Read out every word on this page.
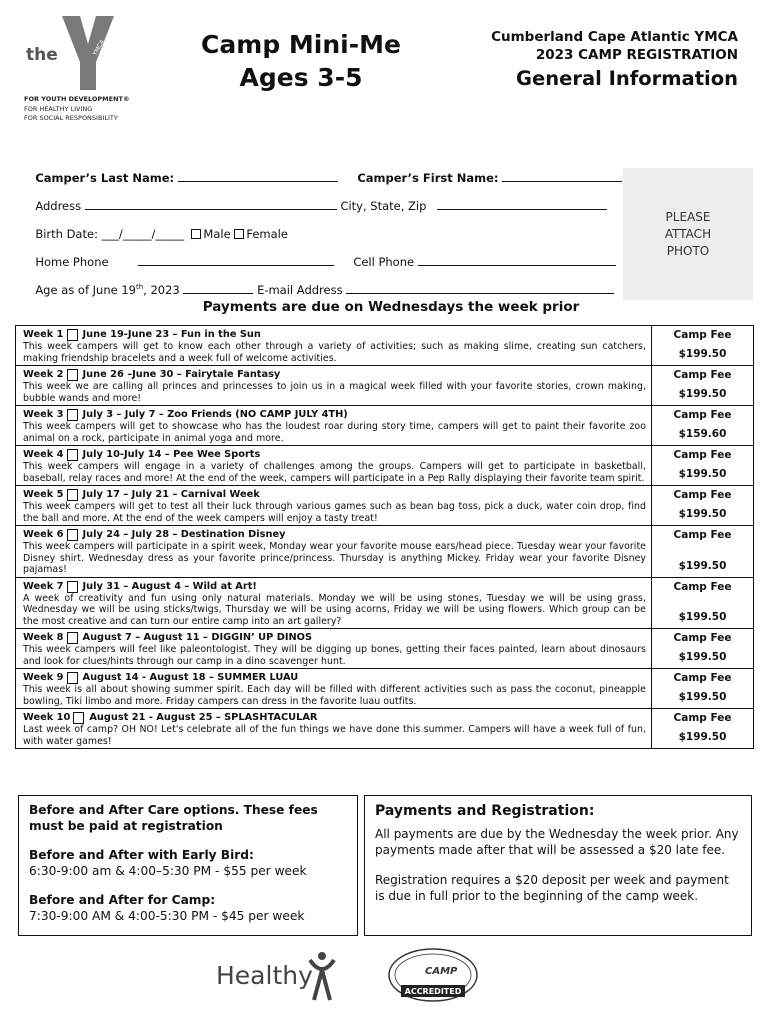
the	YMCA
FOR YOUTH DEVELOPMENT®
FOR HEALTHY LIVING
FOR SOCIAL RESPONSIBILITY
Camp Mini-Me
Ages 3-5
Cumberland Cape Atlantic YMCA
2023 CAMP REGISTRATION
General Information

Camper’s Last Name:	Camper’s First Name:

Address	City, State, Zip

Birth Date: ___/_____/_____ Male Female

Home Phone	Cell Phone

Age as of June 19th, 2023	E-mail Address

PLEASE ATTACH PHOTO
Payments are due on Wednesdays the week prior
Week 1 June 19-June 23 – Fun in the Sun
This week campers will get to know each other through a variety of activities; such as making slime, creating sun catchers, making friendship bracelets and a week full of welcome activities.
Camp Fee
$199.50
Week 2 June 26 –June 30 – Fairytale Fantasy
This week we are calling all princes and princesses to join us in a magical week filled with your favorite stories, crown making, bubble wands and more!
Camp Fee
$199.50
Week 3 July 3 – July 7 – Zoo Friends (NO CAMP JULY 4TH)
This week campers will get to showcase who has the loudest roar during story time, campers will get to paint their favorite zoo animal on a rock, participate in animal yoga and more.
Camp Fee
$159.60
Week 4 July 10-July 14 – Pee Wee Sports
This week campers will engage in a variety of challenges among the groups. Campers will get to participate in basketball, baseball, relay races and more! At the end of the week, campers will participate in a Pep Rally displaying their favorite team spirit.
Camp Fee
$199.50
Week 5 July 17 – July 21 – Carnival Week
This week campers will get to test all their luck through various games such as bean bag toss, pick a duck, water coin drop, find the ball and more. At the end of the week campers will enjoy a tasty treat!
Camp Fee
$199.50
Week 6 July 24 – July 28 – Destination Disney
This week campers will participate in a spirit week, Monday wear your favorite mouse ears/head piece. Tuesday wear your favorite Disney shirt. Wednesday dress as your favorite prince/princess. Thursday is anything Mickey. Friday wear your favorite Disney pajamas!
Camp Fee
$199.50
Week 7 July 31 – August 4 – Wild at Art!
A week of creativity and fun using only natural materials. Monday we will be using stones, Tuesday we will be using grass, Wednesday we will be using sticks/twigs, Thursday we will be using acorns, Friday we will be using flowers. Which group can be the most creative and can turn our entire camp into an art gallery?
Camp Fee
$199.50
Week 8 August 7 – August 11 – DIGGIN’ UP DINOS
This week campers will feel like paleontologist. They will be digging up bones, getting their faces painted, learn about dinosaurs and look for clues/hints through our camp in a dino scavenger hunt.
Camp Fee
$199.50
Week 9 August 14 - August 18 – SUMMER LUAU
This week is all about showing summer spirit. Each day will be filled with different activities such as pass the coconut, pineapple bowling, Tiki limbo and more. Friday campers can dress in the favorite luau outfits.
Camp Fee
$199.50
Week 10 August 21 - August 25 – SPLASHTACULAR
Last week of camp? OH NO! Let's celebrate all of the fun things we have done this summer. Campers will have a week full of fun, with water games!
Camp Fee
$199.50
Before and After Care options. These fees must be paid at registration
Before and After with Early Bird:
6:30-9:00 am & 4:00–5:30 PM - $55 per week
Before and After for Camp:
7:30-9:00 AM & 4:00-5:30 PM - $45 per week
Payments and Registration:
All payments are due by the Wednesday the week prior. Any payments made after that will be assessed a $20 late fee.
Registration requires a $20 deposit per week and payment is due in full prior to the beginning of the camp week.
Healthy	CAMP
ACCREDITED
